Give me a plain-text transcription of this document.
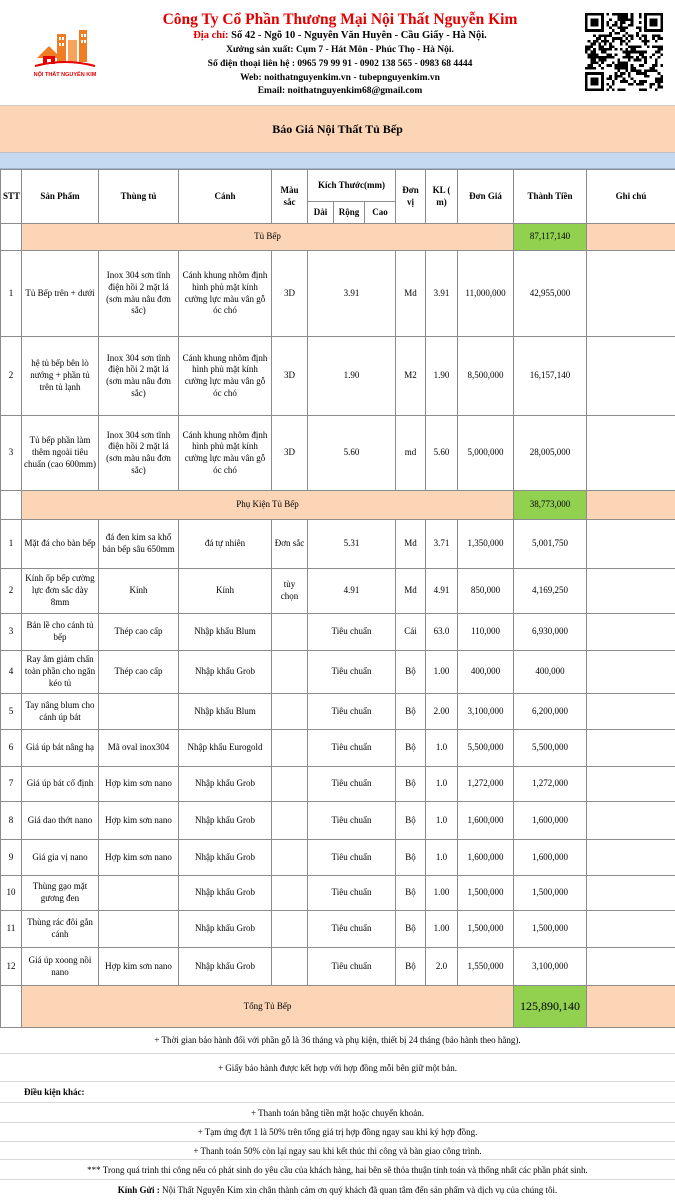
NỘI THẤT NGUYỄN KIM
Công Ty Cổ Phần Thương Mại Nội Thất Nguyễn Kim
Địa chỉ: Số 42 - Ngõ 10 - Nguyên Văn Huyên - Cầu Giấy - Hà Nội.
Xưởng sản xuất: Cụm 7 - Hát Môn - Phúc Thọ - Hà Nội.
Số điện thoại liên hệ : 0965 79 99 91 - 0902 138 565 - 0983 68 4444
Web: noithatnguyenkim.vn - tubepnguyenkim.vn
Email: noithatnguyenkim68@gmail.com
Báo Giá Nội Thất Tủ Bếp
STT	Sản Phẩm	Thùng tủ	Cánh	Màu sắc	Kích Thước(mm)			Đơn vị	KL ( m)	Đơn Giá	Thành Tiền	Ghi chú
					Dài	Rộng	Cao					
	Tủ Bếp										87,117,140	
1	Tủ Bếp trên + dưới	Inox 304 sơn tĩnh điện hồi 2 mặt lá (sơn màu nâu đơn sắc)	Cánh khung nhôm định hình phủ mặt kính cường lực màu vân gỗ óc chó	3D	3.91			Md	3.91	11,000,000	42,955,000	
2	hệ tủ bếp bên lò nướng + phần tủ trên tủ lạnh	Inox 304 sơn tĩnh điện hồi 2 mặt lá (sơn màu nâu đơn sắc)	Cánh khung nhôm định hình phủ mặt kính cường lực màu vân gỗ óc chó	3D	1.90			M2	1.90	8,500,000	16,157,140	
3	Tủ bếp phần làm thêm ngoài tiêu chuẩn (cao 600mm)	Inox 304 sơn tĩnh điện hồi 2 mặt lá (sơn màu nâu đơn sắc)	Cánh khung nhôm định hình phủ mặt kính cường lực màu vân gỗ óc chó	3D	5.60			md	5.60	5,000,000	28,005,000	
	Phụ Kiện Tủ Bếp										38,773,000	
1	Mặt đá cho bàn bếp	đá đen kim sa khổ bản bếp sâu 650mm	đá tự nhiên	Đơn sắc	5.31			Md	3.71	1,350,000	5,001,750	
2	Kính ốp bếp cường lực đơn sắc dày 8mm	Kính	Kính	tùy chọn	4.91			Md	4.91	850,000	4,169,250	
3	Bản lề cho cánh tủ bếp	Thép cao cấp	Nhập khẩu Blum		Tiêu chuẩn			Cái	63.0	110,000	6,930,000	
4	Ray âm giảm chấn toàn phần cho ngăn kéo tủ	Thép cao cấp	Nhập khẩu Grob		Tiêu chuẩn			Bộ	1.00	400,000	400,000	
5	Tay nâng blum cho cánh úp bát		Nhập khẩu Blum		Tiêu chuẩn			Bộ	2.00	3,100,000	6,200,000	
6	Giá úp bát nâng hạ	Mã oval inox304	Nhập khẩu Eurogold		Tiêu chuẩn			Bộ	1.0	5,500,000	5,500,000	
7	Giá úp bát cố định	Hợp kim sơn nano	Nhập khẩu Grob		Tiêu chuẩn			Bộ	1.0	1,272,000	1,272,000	
8	Giá dao thớt nano	Hợp kim sơn nano	Nhập khẩu Grob		Tiêu chuẩn			Bộ	1.0	1,600,000	1,600,000	
9	Giá gia vị nano	Hợp kim sơn nano	Nhập khẩu Grob		Tiêu chuẩn			Bộ	1.0	1,600,000	1,600,000	
10	Thùng gạo mặt gương đen		Nhập khẩu Grob		Tiêu chuẩn			Bộ	1.00	1,500,000	1,500,000	
11	Thùng rác đôi gắn cánh		Nhập khẩu Grob		Tiêu chuẩn			Bộ	1.00	1,500,000	1,500,000	
12	Giá úp xoong nồi nano	Hợp kim sơn nano	Nhập khẩu Grob		Tiêu chuẩn			Bộ	2.0	1,550,000	3,100,000	
	Tổng Tủ Bếp										125,890,140	
+ Thời gian bảo hành đối với phần gỗ là 36 tháng và phụ kiện, thiết bị 24 tháng (bảo hành theo hãng).
+ Giấy bảo hành được kết hợp với hợp đồng mỗi bên giữ một bản.
Điều kiện khác:
+ Thanh toán bằng tiền mặt hoặc chuyển khoản.
+ Tạm ứng đợt 1 là 50% trên tổng giá trị hợp đồng ngay sau khi ký hợp đồng.
+ Thanh toán 50% còn lại ngay sau khi kết thúc thi công và bàn giao công trình.
*** Trong quá trình thi công nếu có phát sinh do yêu cầu của khách hàng, hai bên sẽ thỏa thuận tính toán và thống nhất các phần phát sinh.
Kính Gửi : Nội Thất Nguyễn Kim xin chân thành cảm ơn quý khách đã quan tâm đến sản phẩm và dịch vụ của chúng tôi.
